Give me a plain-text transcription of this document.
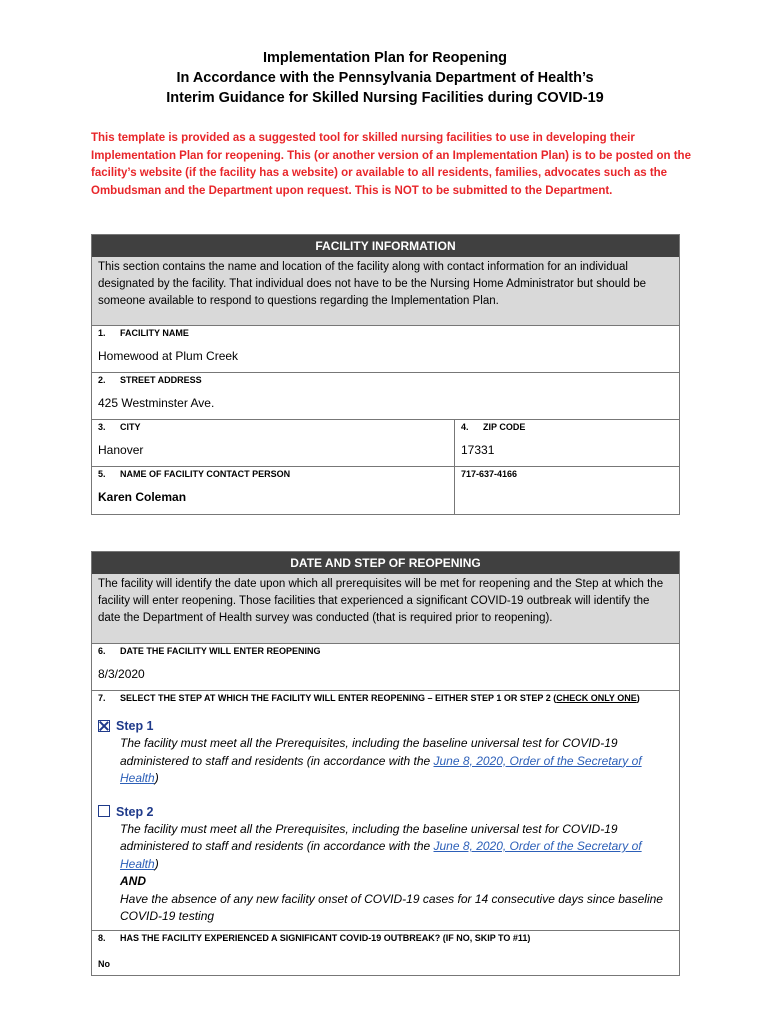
Implementation Plan for Reopening
In Accordance with the Pennsylvania Department of Health’s
Interim Guidance for Skilled Nursing Facilities during COVID-19
This template is provided as a suggested tool for skilled nursing facilities to use in developing their Implementation Plan for reopening. This (or another version of an Implementation Plan) is to be posted on the facility’s website (if the facility has a website) or available to all residents, families, advocates such as the Ombudsman and the Department upon request. This is NOT to be submitted to the Department.
FACILITY INFORMATION
This section contains the name and location of the facility along with contact information for an individual designated by the facility. That individual does not have to be the Nursing Home Administrator but should be someone available to respond to questions regarding the Implementation Plan.
1. FACILITY NAME
Homewood at Plum Creek
2. STREET ADDRESS
425 Westminster Ave.
3. CITY
Hanover
4. ZIP CODE
17331
5. NAME OF FACILITY CONTACT PERSON
Karen Coleman
717-637-4166
DATE AND STEP OF REOPENING
The facility will identify the date upon which all prerequisites will be met for reopening and the Step at which the facility will enter reopening. Those facilities that experienced a significant COVID-19 outbreak will identify the date the Department of Health survey was conducted (that is required prior to reopening).
6. DATE THE FACILITY WILL ENTER REOPENING
8/3/2020
7. SELECT THE STEP AT WHICH THE FACILITY WILL ENTER REOPENING – EITHER STEP 1 OR STEP 2 (CHECK ONLY ONE)
Step 1
The facility must meet all the Prerequisites, including the baseline universal test for COVID-19 administered to staff and residents (in accordance with the June 8, 2020, Order of the Secretary of Health)
Step 2
The facility must meet all the Prerequisites, including the baseline universal test for COVID-19 administered to staff and residents (in accordance with the June 8, 2020, Order of the Secretary of Health)
AND
Have the absence of any new facility onset of COVID-19 cases for 14 consecutive days since baseline COVID-19 testing
8. HAS THE FACILITY EXPERIENCED A SIGNIFICANT COVID-19 OUTBREAK? (IF NO, SKIP TO #11)
No
